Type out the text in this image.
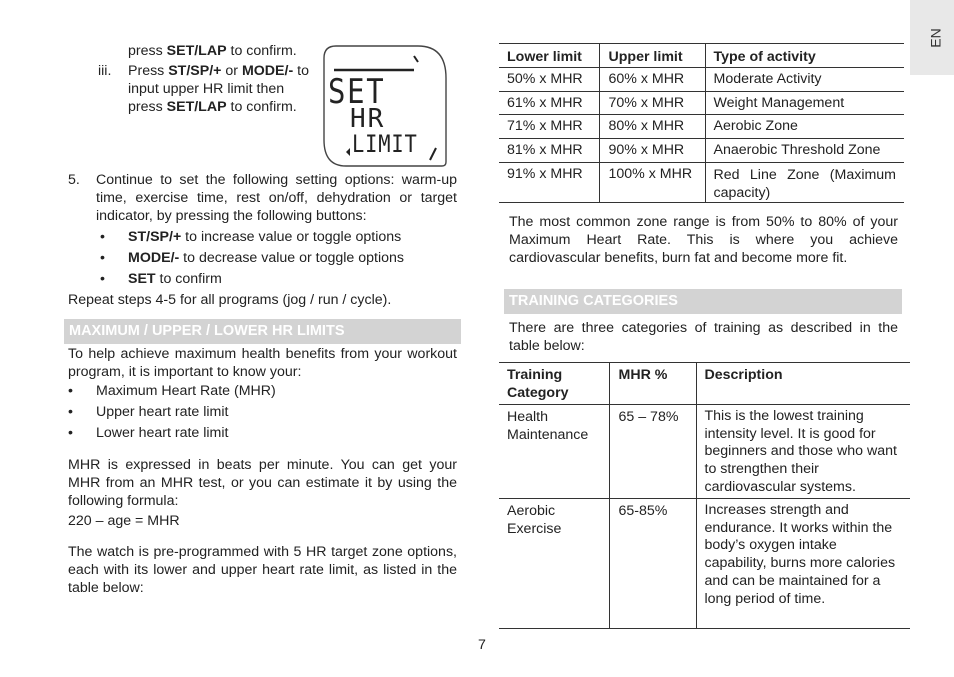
EN

press SET/LAP to confirm.

iii. Press ST/SP/+ or MODE/- to

input upper HR limit then

press SET/LAP to confirm. SET
HR
LIMIT

5. Continue to set the following setting options: warm-up time, exercise time, rest on/off, dehydration or target indicator, by pressing the following buttons:

•	ST/SP/+ to increase value or toggle options
•	MODE/- to decrease value or toggle options
•	SET to confirm

Repeat steps 4-5 for all programs (jog / run / cycle).

MAXIMUM / UPPER / LOWER HR LIMITS

To help achieve maximum health benefits from your workout program, it is important to know your:

•	Maximum Heart Rate (MHR)
•	Upper heart rate limit
•	Lower heart rate limit

MHR is expressed in beats per minute. You can get your MHR from an MHR test, or you can estimate it by using the following formula:

220 – age = MHR

The watch is pre-programmed with 5 HR target zone options, each with its lower and upper heart rate limit, as listed in the table below:

Lower limit	Upper limit	Type of activity
50% x MHR	60% x MHR	Moderate Activity
61% x MHR	70% x MHR	Weight Management
71% x MHR	80% x MHR	Aerobic Zone
81% x MHR	90% x MHR	Anaerobic Threshold Zone
91% x MHR	100% x MHR	Red Line Zone (Maximum capacity)

The most common zone range is from 50% to 80% of your Maximum Heart Rate. This is where you achieve cardiovascular benefits, burn fat and become more fit.

TRAINING CATEGORIES

There are three categories of training as described in the table below:

Training Category	MHR %	Description
Health Maintenance	65 – 78%	This is the lowest training intensity level. It is good for beginners and those who want to strengthen their cardiovascular systems.
Aerobic Exercise	65-85%	Increases strength and endurance. It works within the body’s oxygen intake capability, burns more calories and can be maintained for a long period of time.

7
